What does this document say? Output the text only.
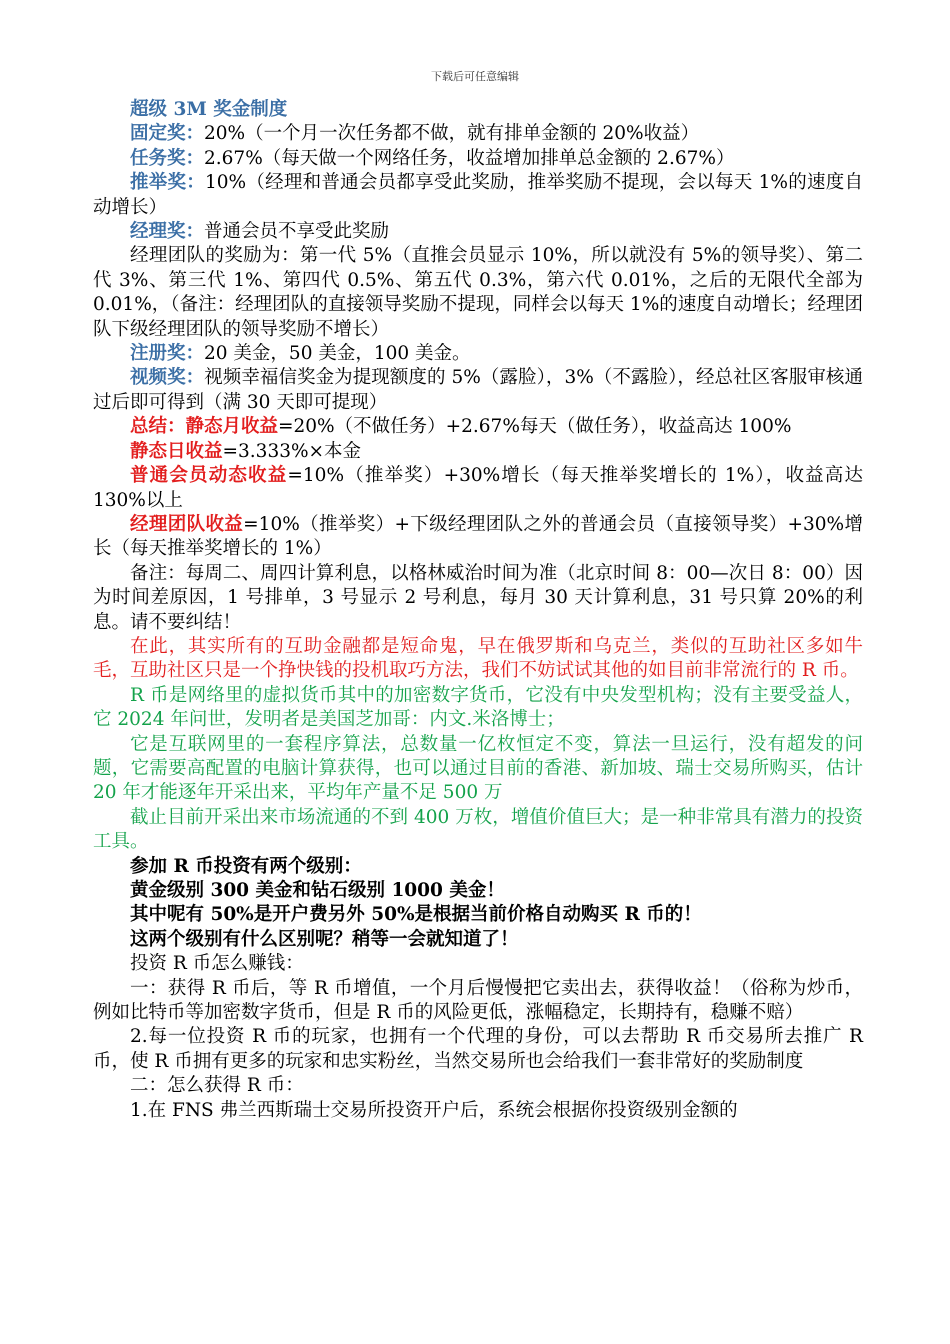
下载后可任意编辑

超级 3M 奖金制度

固定奖：20%（一个月一次任务都不做，就有排单金额的 20%收益）

任务奖：2.67%（每天做一个网络任务，收益增加排单总金额的 2.67%）

推举奖：10%（经理和普通会员都享受此奖励，推举奖励不提现，会以每天 1%的速度自动增长）

经理奖：普通会员不享受此奖励

经理团队的奖励为：第一代 5%（直推会员显示 10%，所以就没有 5%的领导奖）、第二代 3%、第三代 1%、第四代 0.5%、第五代 0.3%，第六代 0.01%，之后的无限代全部为 0.01%，（备注：经理团队的直接领导奖励不提现，同样会以每天 1%的速度自动增长；经理团队下级经理团队的领导奖励不增长）

注册奖：20 美金，50 美金，100 美金。

视频奖：视频幸福信奖金为提现额度的 5%（露脸），3%（不露脸），经总社区客服审核通过后即可得到（满 30 天即可提现）

总结：静态月收益=20%（不做任务）+2.67%每天（做任务），收益高达 100%

静态日收益=3.333%×本金

普通会员动态收益=10%（推举奖）+30%增长（每天推举奖增长的 1%），收益高达 130%以上

经理团队收益=10%（推举奖）+下级经理团队之外的普通会员（直接领导奖）+30%增长（每天推举奖增长的 1%）

备注：每周二、周四计算利息，以格林威治时间为准（北京时间 8：00—次日 8：00）因为时间差原因，1 号排单，3 号显示 2 号利息，每月 30 天计算利息，31 号只算 20%的利息。请不要纠结！

在此，其实所有的互助金融都是短命鬼，早在俄罗斯和乌克兰，类似的互助社区多如牛毛，互助社区只是一个挣快钱的投机取巧方法，我们不妨试试其他的如目前非常流行的 R 币。

R 币是网络里的虚拟货币其中的加密数字货币，它没有中央发型机构；没有主要受益人，它 2024 年问世，发明者是美国芝加哥：内文.米洛博士；

它是互联网里的一套程序算法，总数量一亿枚恒定不变，算法一旦运行，没有超发的问题，它需要高配置的电脑计算获得，也可以通过目前的香港、新加坡、瑞士交易所购买，估计 20 年才能逐年开采出来，平均年产量不足 500 万

截止目前开采出来市场流通的不到 400 万枚，增值价值巨大；是一种非常具有潜力的投资工具。

参加 R 币投资有两个级别：

黄金级别 300 美金和钻石级别 1000 美金！

其中呢有 50%是开户费另外 50%是根据当前价格自动购买 R 币的！

这两个级别有什么区别呢？稍等一会就知道了！

投资 R 币怎么赚钱：

一：获得 R 币后，等 R 币增值，一个月后慢慢把它卖出去，获得收益！（俗称为炒币，例如比特币等加密数字货币，但是 R 币的风险更低，涨幅稳定，长期持有，稳赚不赔）

2.每一位投资 R 币的玩家，也拥有一个代理的身份，可以去帮助 R 币交易所去推广 R 币，使 R 币拥有更多的玩家和忠实粉丝，当然交易所也会给我们一套非常好的奖励制度

二：怎么获得 R 币：

1.在 FNS 弗兰西斯瑞士交易所投资开户后，系统会根据你投资级别金额的
